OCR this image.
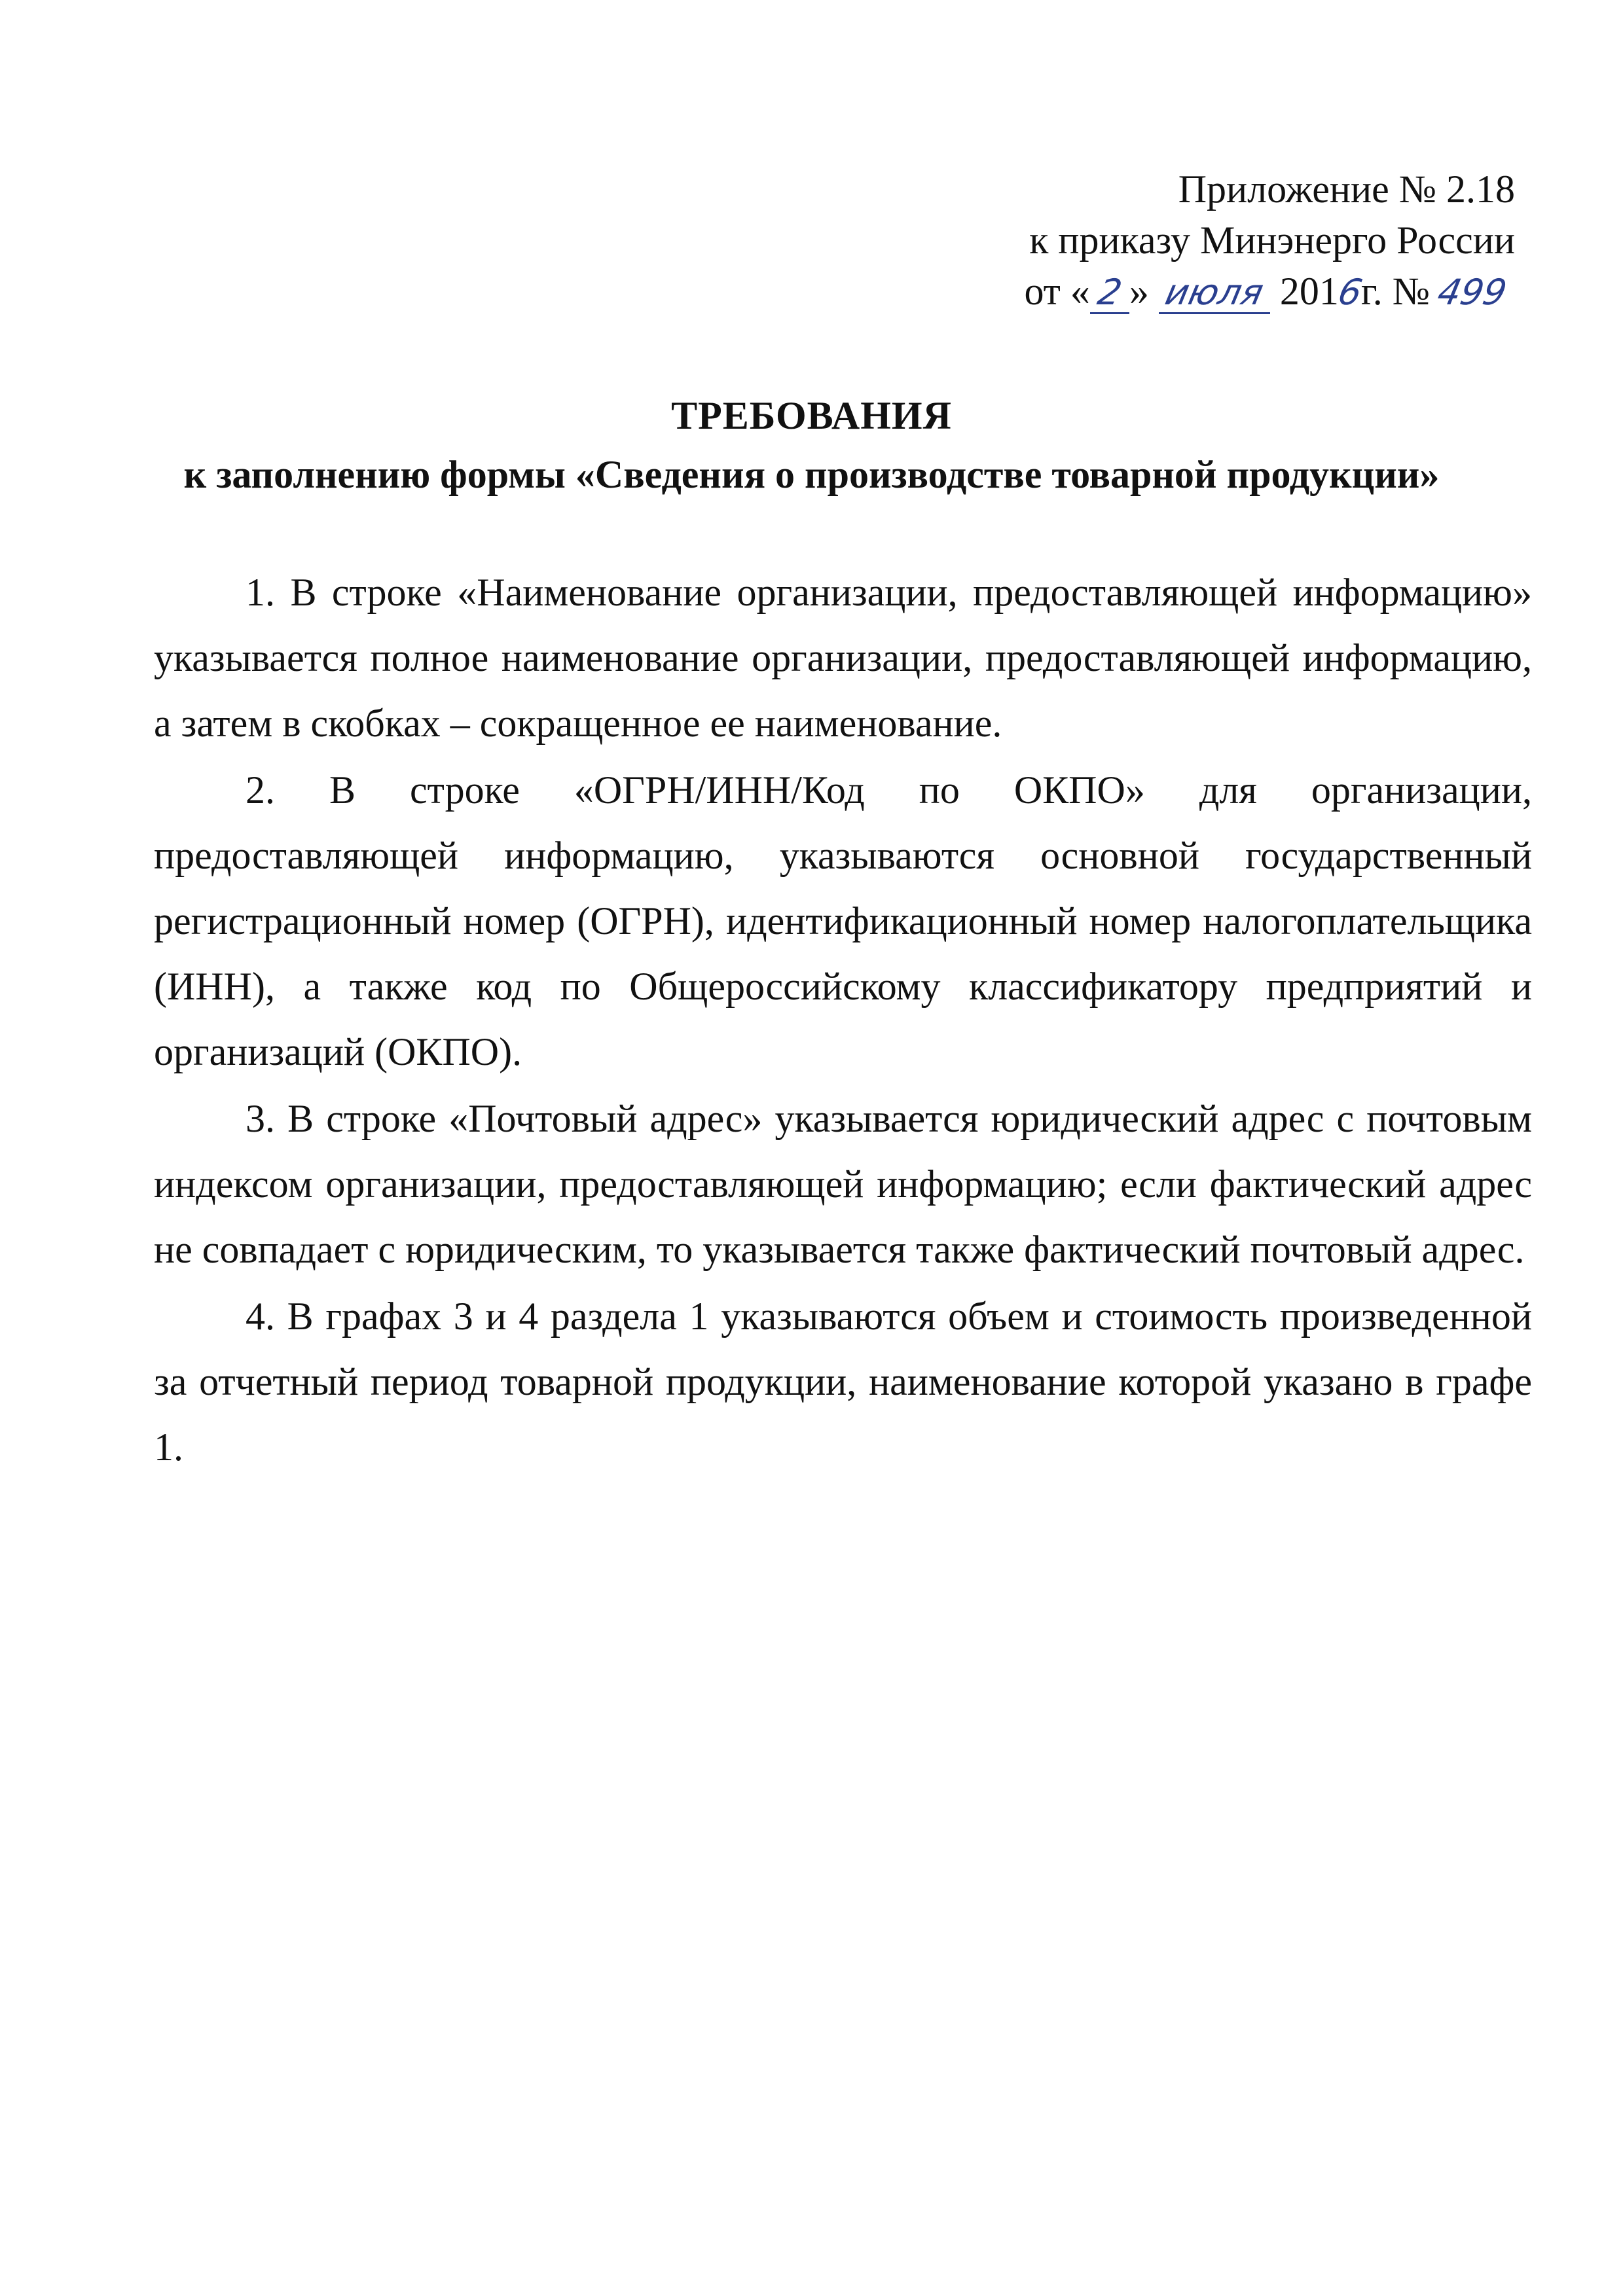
Приложение № 2.18
к приказу Минэнерго России
от « 2 » июля 2016г. № 499
ТРЕБОВАНИЯ
к заполнению формы «Сведения о производстве товарной продукции»

1. В строке «Наименование организации, предоставляющей информацию» указывается полное наименование организации, предоставляющей информацию, а затем в скобках – сокращенное ее наименование.

2. В строке «ОГРН/ИНН/Код по ОКПО» для организации, предоставляющей информацию, указываются основной государственный регистрационный номер (ОГРН), идентификационный номер налогоплательщика (ИНН), а также код по Общероссийскому классификатору предприятий и организаций (ОКПО).

3. В строке «Почтовый адрес» указывается юридический адрес с почтовым индексом организации, предоставляющей информацию; если фактический адрес не совпадает с юридическим, то указывается также фактический почтовый адрес.

4. В графах 3 и 4 раздела 1 указываются объем и стоимость произведенной за отчетный период товарной продукции, наименование которой указано в графе 1.
